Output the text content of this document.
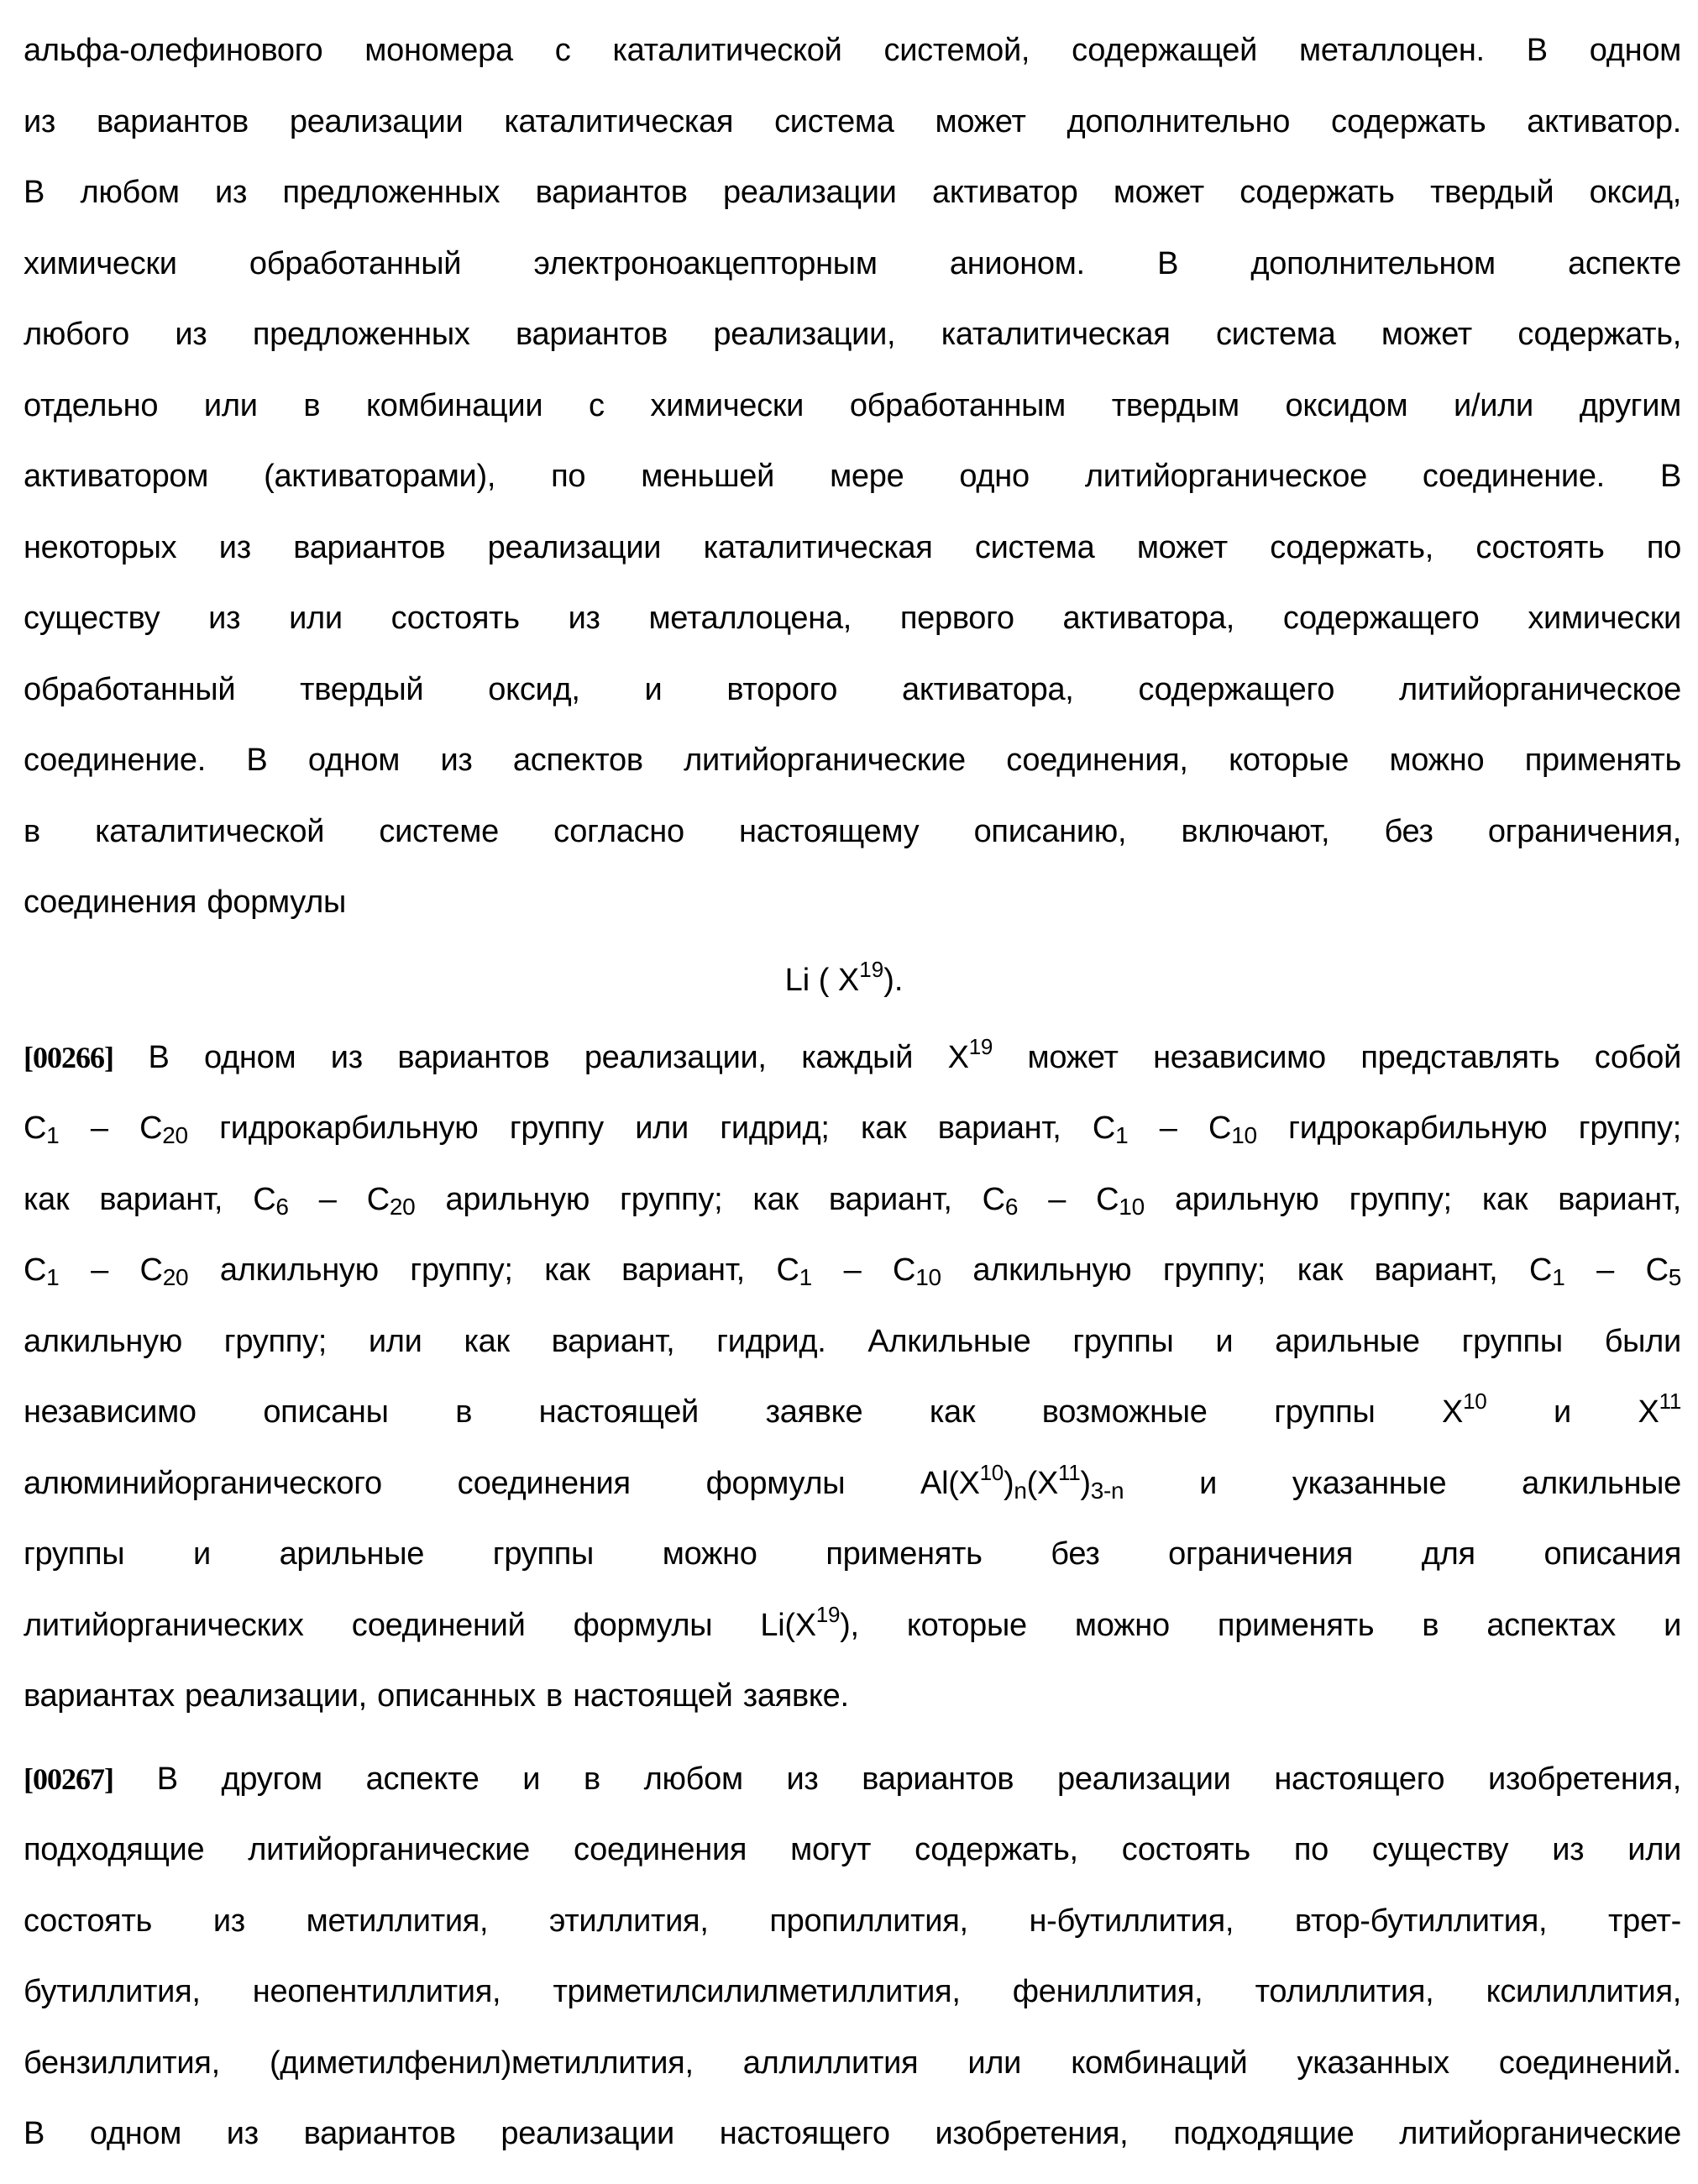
альфа-олефинового мономера с каталитической системой, содержащей металлоцен. В одном
из вариантов реализации каталитическая система может дополнительно содержать активатор.
В любом из предложенных вариантов реализации активатор может содержать твердый оксид,
химически обработанный электроноакцепторным анионом. В дополнительном аспекте
любого из предложенных вариантов реализации, каталитическая система может содержать,
отдельно или в комбинации с химически обработанным твердым оксидом и/или другим
активатором (активаторами), по меньшей мере одно литийорганическое соединение. В
некоторых из вариантов реализации каталитическая система может содержать, состоять по
существу из или состоять из металлоцена, первого активатора, содержащего химически
обработанный твердый оксид, и второго активатора, содержащего литийорганическое
соединение. В одном из аспектов литийорганические соединения, которые можно применять
в каталитической системе согласно настоящему описанию, включают, без ограничения,
соединения формулы
Li ( $X^{19}$).
[00266] В одном из вариантов реализации, каждый $X^{19}$ может независимо представлять собой
$C_1 - C_{20}$ гидрокарбильную группу или гидрид; как вариант, $C_1 - C_{10}$ гидрокарбильную группу;
как вариант, $C_6 - C_{20}$ арильную группу; как вариант, $C_6 - C_{10}$ арильную группу; как вариант,
$C_1 - C_{20}$ алкильную группу; как вариант, $C_1 - C_{10}$ алкильную группу; как вариант, $C_1 - C_5$
алкильную группу; или как вариант, гидрид. Алкильные группы и арильные группы были
независимо описаны в настоящей заявке как возможные группы $X^{10}$ и $X^{11}$
алюминийорганического соединения формулы $Al(X^{10})_n(X^{11})_{3-n}$ и указанные алкильные
группы и арильные группы можно применять без ограничения для описания
литийорганических соединений формулы $Li(X^{19})$, которые можно применять в аспектах и
вариантах реализации, описанных в настоящей заявке.
[00267] В другом аспекте и в любом из вариантов реализации настоящего изобретения,
подходящие литийорганические соединения могут содержать, состоять по существу из или
состоять из метиллития, этиллития, пропиллития, н-бутиллития, втор-бутиллития, трет-
бутиллития, неопентиллития, триметилсилилметиллития, фениллития, толиллития, ксилиллития,
бензиллития, (диметилфенил)метиллития, аллиллития или комбинаций указанных соединений.
В одном из вариантов реализации настоящего изобретения, подходящие литийорганические
